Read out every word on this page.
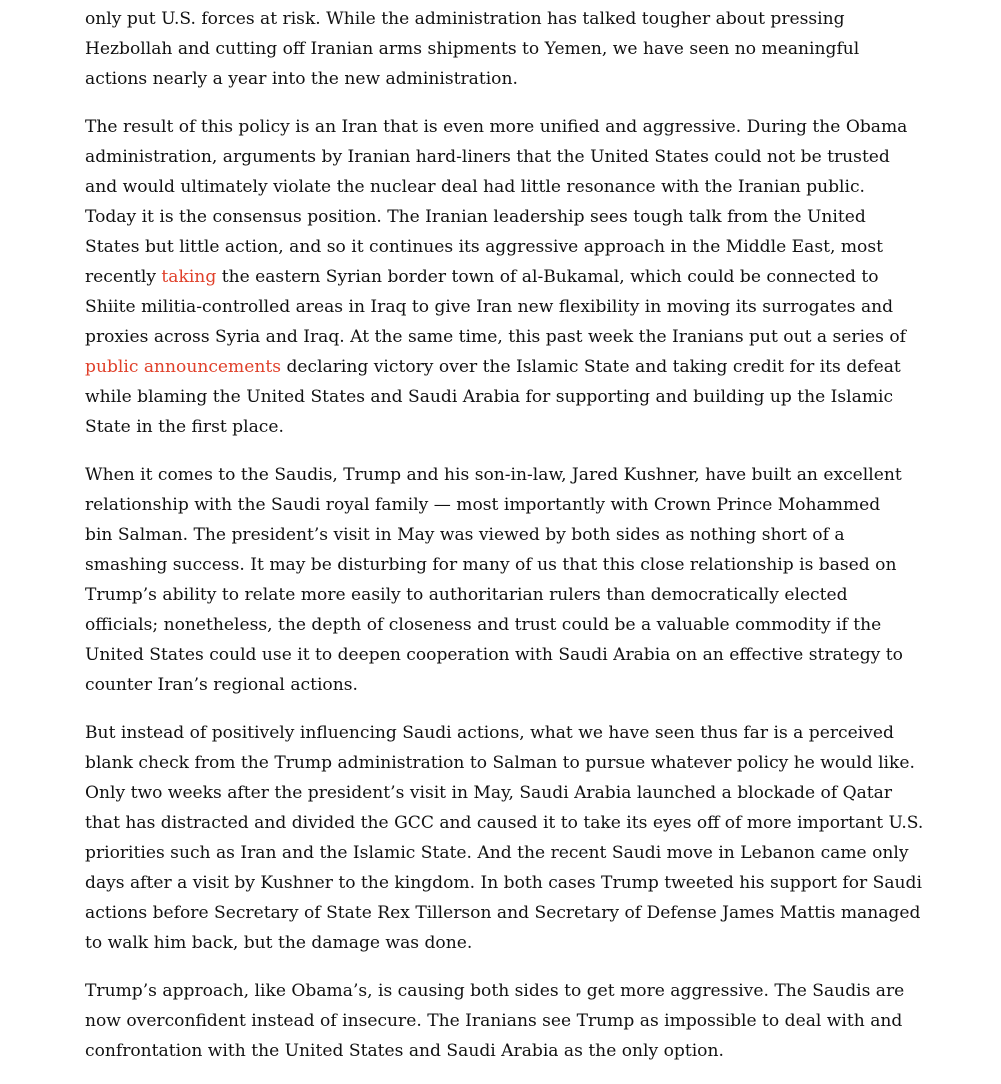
only put U.S. forces at risk. While the administration has talked tougher about pressing
Hezbollah and cutting off Iranian arms shipments to Yemen, we have seen no meaningful
actions nearly a year into the new administration.

The result of this policy is an Iran that is even more unified and aggressive. During the Obama
administration, arguments by Iranian hard-liners that the United States could not be trusted
and would ultimately violate the nuclear deal had little resonance with the Iranian public.
Today it is the consensus position. The Iranian leadership sees tough talk from the United
States but little action, and so it continues its aggressive approach in the Middle East, most
recently taking the eastern Syrian border town of al-Bukamal, which could be connected to
Shiite militia-controlled areas in Iraq to give Iran new flexibility in moving its surrogates and
proxies across Syria and Iraq. At the same time, this past week the Iranians put out a series of
public announcements declaring victory over the Islamic State and taking credit for its defeat
while blaming the United States and Saudi Arabia for supporting and building up the Islamic
State in the first place.

When it comes to the Saudis, Trump and his son-in-law, Jared Kushner, have built an excellent
relationship with the Saudi royal family — most importantly with Crown Prince Mohammed
bin Salman. The president’s visit in May was viewed by both sides as nothing short of a
smashing success. It may be disturbing for many of us that this close relationship is based on
Trump’s ability to relate more easily to authoritarian rulers than democratically elected
officials; nonetheless, the depth of closeness and trust could be a valuable commodity if the
United States could use it to deepen cooperation with Saudi Arabia on an effective strategy to
counter Iran’s regional actions.

But instead of positively influencing Saudi actions, what we have seen thus far is a perceived
blank check from the Trump administration to Salman to pursue whatever policy he would like.
Only two weeks after the president’s visit in May, Saudi Arabia launched a blockade of Qatar
that has distracted and divided the GCC and caused it to take its eyes off of more important U.S.
priorities such as Iran and the Islamic State. And the recent Saudi move in Lebanon came only
days after a visit by Kushner to the kingdom. In both cases Trump tweeted his support for Saudi
actions before Secretary of State Rex Tillerson and Secretary of Defense James Mattis managed
to walk him back, but the damage was done.

Trump’s approach, like Obama’s, is causing both sides to get more aggressive. The Saudis are
now overconfident instead of insecure. The Iranians see Trump as impossible to deal with and
confrontation with the United States and Saudi Arabia as the only option.
